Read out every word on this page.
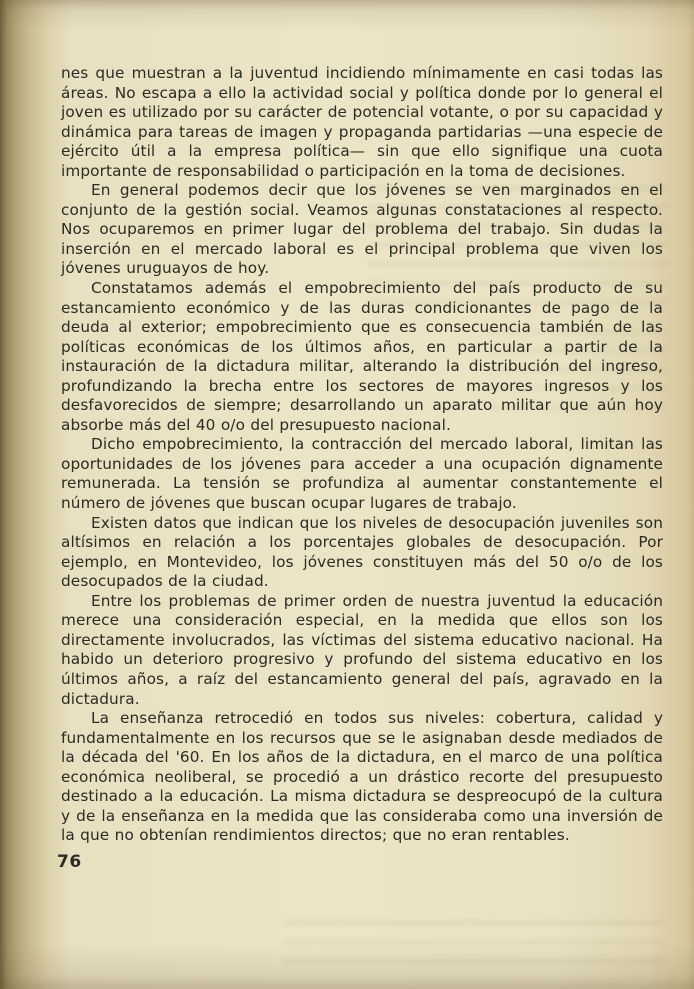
nes que muestran a la juventud incidiendo mínimamente en casi todas las áreas. No escapa a ello la actividad social y política donde por lo general el joven es utilizado por su carácter de potencial votante, o por su capacidad y dinámica para tareas de imagen y propaganda partidarias —una especie de ejército útil a la empresa política— sin que ello signifique una cuota importante de responsabilidad o participación en la toma de decisiones.

En general podemos decir que los jóvenes se ven marginados en el conjunto de la gestión social. Veamos algunas constataciones al respecto. Nos ocuparemos en primer lugar del problema del trabajo. Sin dudas la inserción en el mercado laboral es el principal problema que viven los jóvenes uruguayos de hoy.

Constatamos además el empobrecimiento del país producto de su estancamiento económico y de las duras condicionantes de pago de la deuda al exterior; empobrecimiento que es consecuencia también de las políticas económicas de los últimos años, en particular a partir de la instauración de la dictadura militar, alterando la distribución del ingreso, profundizando la brecha entre los sectores de mayores ingresos y los desfavorecidos de siempre; desarrollando un aparato militar que aún hoy absorbe más del 40 o/o del presupuesto nacional.

Dicho empobrecimiento, la contracción del mercado laboral, limitan las oportunidades de los jóvenes para acceder a una ocupación dignamente remunerada. La tensión se profundiza al aumentar constantemente el número de jóvenes que buscan ocupar lugares de trabajo.

Existen datos que indican que los niveles de desocupación juveniles son altísimos en relación a los porcentajes globales de desocupación. Por ejemplo, en Montevideo, los jóvenes constituyen más del 50 o/o de los desocupados de la ciudad.

Entre los problemas de primer orden de nuestra juventud la educación merece una consideración especial, en la medida que ellos son los directamente involucrados, las víctimas del sistema educativo nacional. Ha habido un deterioro progresivo y profundo del sistema educativo en los últimos años, a raíz del estancamiento general del país, agravado en la dictadura.

La enseñanza retrocedió en todos sus niveles: cobertura, calidad y fundamentalmente en los recursos que se le asignaban desde mediados de la década del '60. En los años de la dictadura, en el marco de una política económica neoliberal, se procedió a un drástico recorte del presupuesto destinado a la educación. La misma dictadura se despreocupó de la cultura y de la enseñanza en la medida que las consideraba como una inversión de la que no obtenían rendimientos directos; que no eran rentables.

76
